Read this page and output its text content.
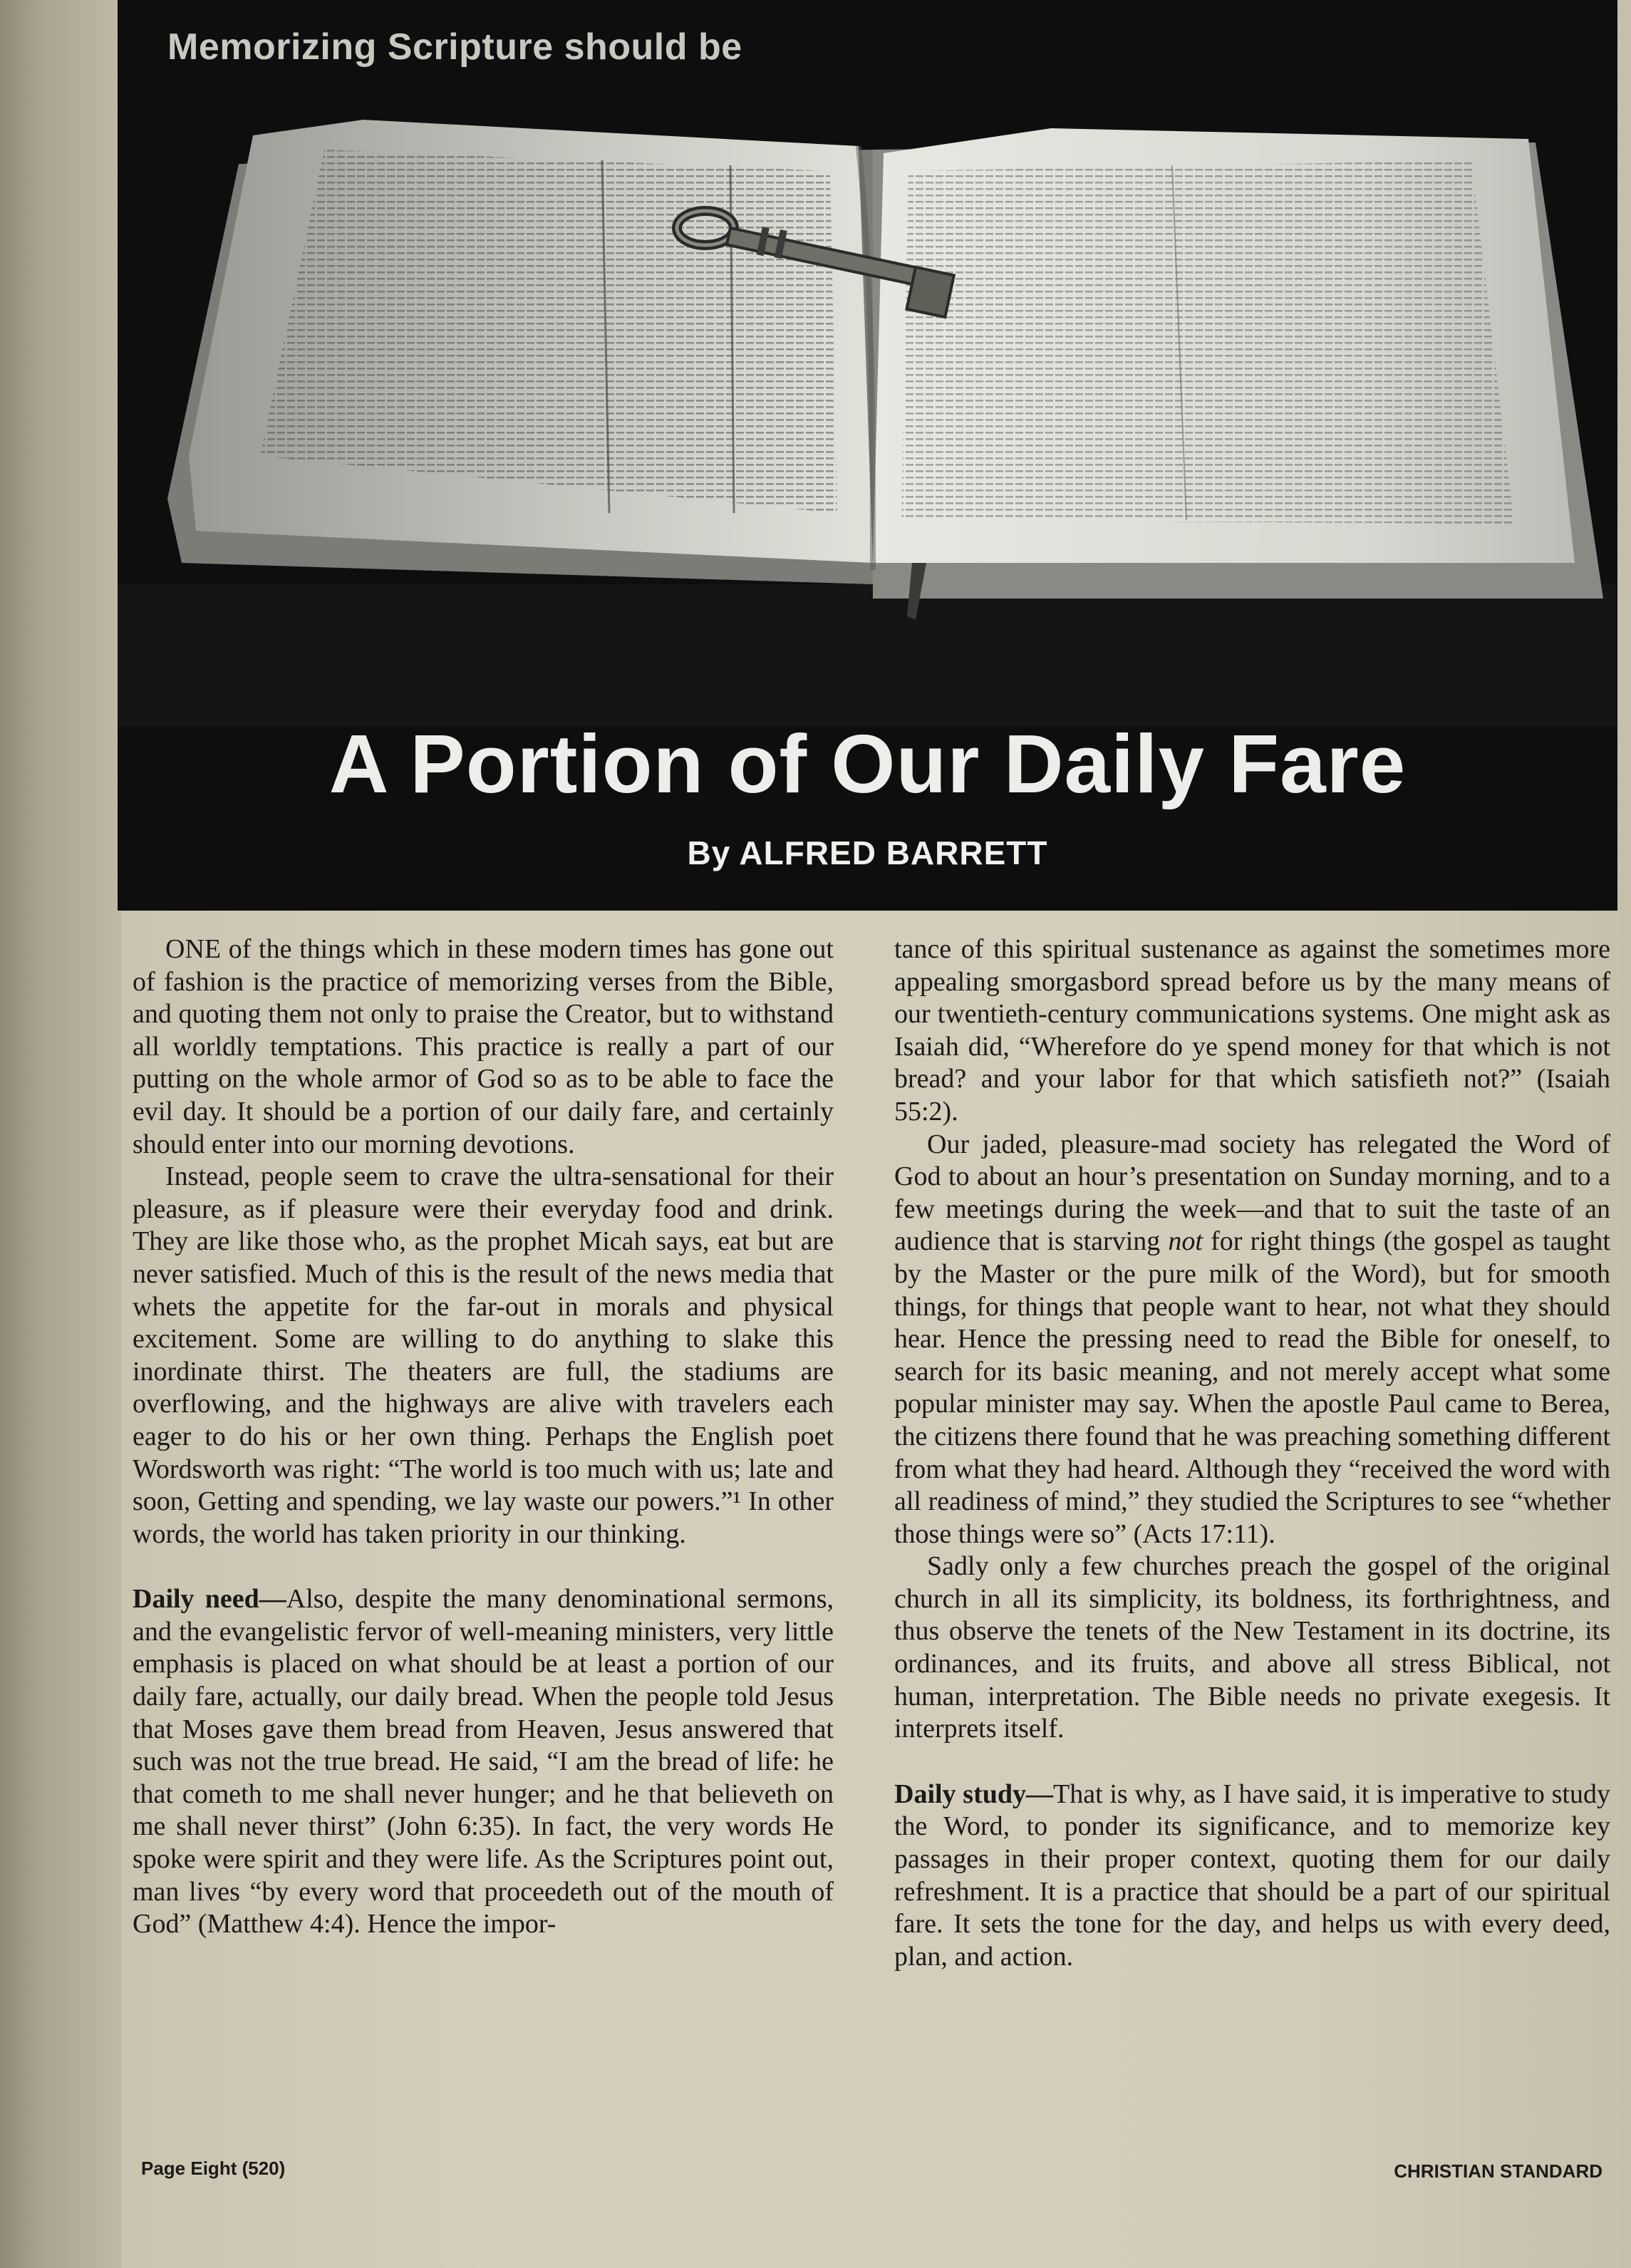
Memorizing Scripture should be
A Portion of Our Daily Fare
By ALFRED BARRETT

ONE of the things which in these modern times has gone out of fashion is the practice of memorizing verses from the Bible, and quoting them not only to praise the Creator, but to withstand all worldly temptations. This practice is really a part of our putting on the whole armor of God so as to be able to face the evil day. It should be a portion of our daily fare, and certainly should enter into our morning devotions.

Instead, people seem to crave the ultra-sensational for their pleasure, as if pleasure were their everyday food and drink. They are like those who, as the prophet Micah says, eat but are never satisfied. Much of this is the result of the news media that whets the appetite for the far-out in morals and physical excitement. Some are willing to do anything to slake this inordinate thirst. The theaters are full, the stadiums are overflowing, and the highways are alive with travelers each eager to do his or her own thing. Perhaps the English poet Wordsworth was right: “The world is too much with us; late and soon, Getting and spending, we lay waste our powers.”¹ In other words, the world has taken priority in our thinking.

Daily need—Also, despite the many denominational sermons, and the evangelistic fervor of well-meaning ministers, very little emphasis is placed on what should be at least a portion of our daily fare, actually, our daily bread. When the people told Jesus that Moses gave them bread from Heaven, Jesus answered that such was not the true bread. He said, “I am the bread of life: he that cometh to me shall never hunger; and he that believeth on me shall never thirst” (John 6:35). In fact, the very words He spoke were spirit and they were life. As the Scriptures point out, man lives “by every word that proceedeth out of the mouth of God” (Matthew 4:4). Hence the impor-

tance of this spiritual sustenance as against the sometimes more appealing smorgasbord spread before us by the many means of our twentieth-century communications systems. One might ask as Isaiah did, “Wherefore do ye spend money for that which is not bread? and your labor for that which satisfieth not?” (Isaiah 55:2).

Our jaded, pleasure-mad society has relegated the Word of God to about an hour’s presentation on Sunday morning, and to a few meetings during the week—and that to suit the taste of an audience that is starving not for right things (the gospel as taught by the Master or the pure milk of the Word), but for smooth things, for things that people want to hear, not what they should hear. Hence the pressing need to read the Bible for oneself, to search for its basic meaning, and not merely accept what some popular minister may say. When the apostle Paul came to Berea, the citizens there found that he was preaching something different from what they had heard. Although they “received the word with all readiness of mind,” they studied the Scriptures to see “whether those things were so” (Acts 17:11).

Sadly only a few churches preach the gospel of the original church in all its simplicity, its boldness, its forthrightness, and thus observe the tenets of the New Testament in its doctrine, its ordinances, and its fruits, and above all stress Biblical, not human, interpretation. The Bible needs no private exegesis. It interprets itself.

Daily study—That is why, as I have said, it is imperative to study the Word, to ponder its significance, and to memorize key passages in their proper context, quoting them for our daily refreshment. It is a practice that should be a part of our spiritual fare. It sets the tone for the day, and helps us with every deed, plan, and action.

Page Eight (520)	CHRISTIAN STANDARD
